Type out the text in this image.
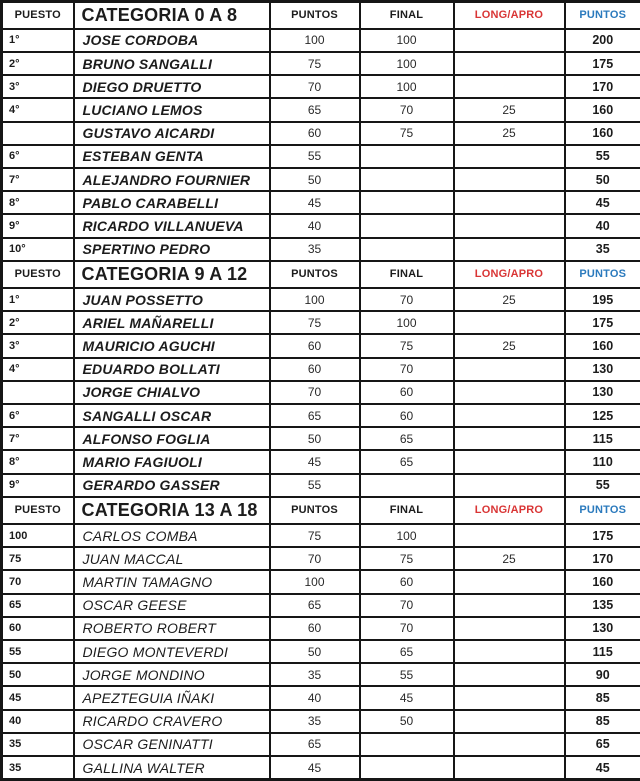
PUESTO	CATEGORIA 0 A 8	PUNTOS	FINAL	LONG/APRO	PUNTOS
1°	JOSE CORDOBA	100	100		200
2°	BRUNO SANGALLI	75	100		175
3°	DIEGO DRUETTO	70	100		170
4°	LUCIANO LEMOS	65	70	25	160
	GUSTAVO AICARDI	60	75	25	160
6°	ESTEBAN GENTA	55			55
7°	ALEJANDRO FOURNIER	50			50
8°	PABLO CARABELLI	45			45
9°	RICARDO VILLANUEVA	40			40
10°	SPERTINO PEDRO	35			35
PUESTO	CATEGORIA 9 A 12	PUNTOS	FINAL	LONG/APRO	PUNTOS
1°	JUAN POSSETTO	100	70	25	195
2°	ARIEL MAÑARELLI	75	100		175
3°	MAURICIO AGUCHI	60	75	25	160
4°	EDUARDO BOLLATI	60	70		130
	JORGE CHIALVO	70	60		130
6°	SANGALLI OSCAR	65	60		125
7°	ALFONSO FOGLIA	50	65		115
8°	MARIO FAGIUOLI	45	65		110
9°	GERARDO GASSER	55			55
PUESTO	CATEGORIA 13 A 18	PUNTOS	FINAL	LONG/APRO	PUNTOS
100	CARLOS COMBA	75	100		175
75	JUAN MACCAL	70	75	25	170
70	MARTIN TAMAGNO	100	60		160
65	OSCAR GEESE	65	70		135
60	ROBERTO ROBERT	60	70		130
55	DIEGO MONTEVERDI	50	65		115
50	JORGE MONDINO	35	55		90
45	APEZTEGUIA IÑAKI	40	45		85
40	RICARDO CRAVERO	35	50		85
35	OSCAR GENINATTI	65			65
35	GALLINA WALTER	45			45
